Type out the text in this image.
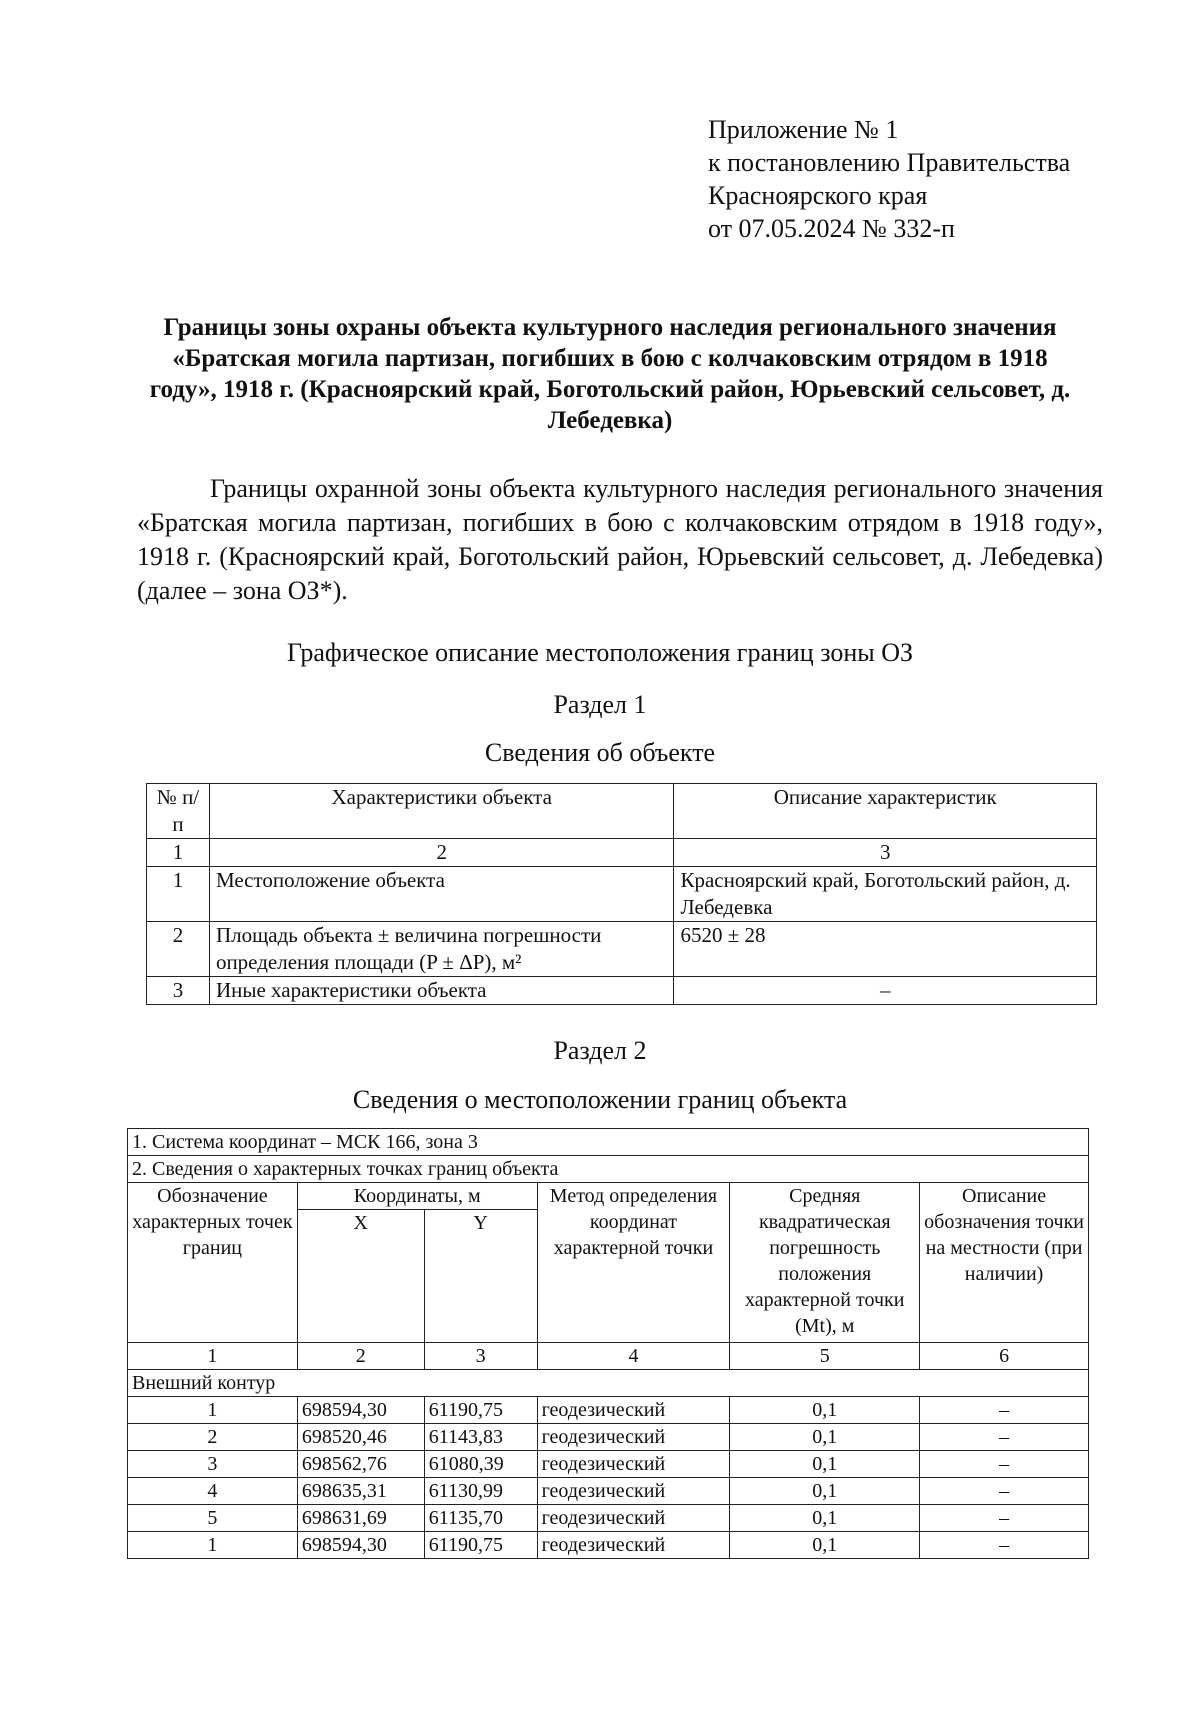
Приложение № 1
к постановлению Правительства
Красноярского края
от 07.05.2024 № 332-п
Границы зоны охраны объекта культурного наследия регионального значения «Братская могила партизан, погибших в бою с колчаковским отрядом в 1918 году», 1918 г. (Красноярский край, Боготольский район, Юрьевский сельсовет, д. Лебедевка)
Границы охранной зоны объекта культурного наследия регионального значения «Братская могила партизан, погибших в бою с колчаковским отрядом в 1918 году», 1918 г. (Красноярский край, Боготольский район, Юрьевский сельсовет, д. Лебедевка) (далее – зона ОЗ*).
Графическое описание местоположения границ зоны ОЗ
Раздел 1
Сведения об объекте
№ п/п	Характеристики объекта	Описание характеристик
1	2	3
1	Местоположение объекта	Красноярский край, Боготольский район, д. Лебедевка
2	Площадь объекта ± величина погрешности определения площади (P ± ΔP), м²	6520 ± 28
3	Иные характеристики объекта	–
Раздел 2
Сведения о местоположении границ объекта
1. Система координат – МСК 166, зона 3					
2. Сведения о характерных точках границ объекта					
Обозначение характерных точек границ	Координаты, м		Метод определения координат характерной точки	Средняя квадратическая погрешность положения характерной точки (Mt), м	Описание обозначения точки на местности (при наличии)
	X	Y			
1	2	3	4	5	6
Внешний контур					
1	698594,30	61190,75	геодезический	0,1	–
2	698520,46	61143,83	геодезический	0,1	–
3	698562,76	61080,39	геодезический	0,1	–
4	698635,31	61130,99	геодезический	0,1	–
5	698631,69	61135,70	геодезический	0,1	–
1	698594,30	61190,75	геодезический	0,1	–
